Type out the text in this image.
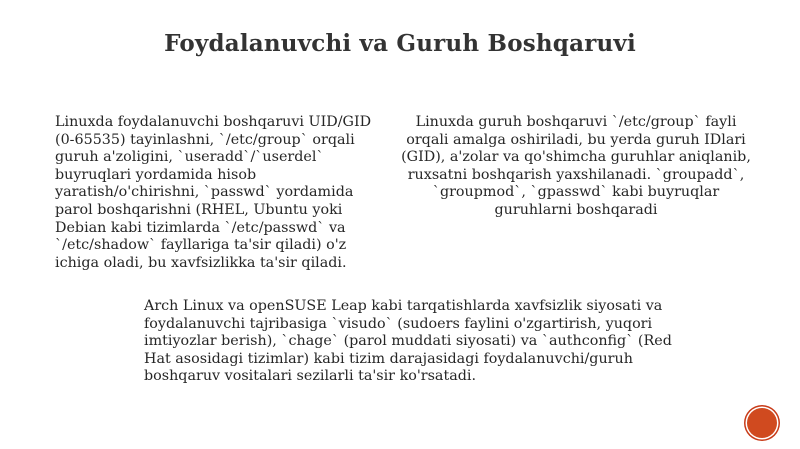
Foydalanuvchi va Guruh Boshqaruvi
Linuxda foydalanuvchi boshqaruvi UID/GID
(0-65535) tayinlashni, `/etc/group` orqali
guruh a'zoligini, `useradd`/`userdel`
buyruqlari yordamida hisob
yaratish/o'chirishni, `passwd` yordamida
parol boshqarishni (RHEL, Ubuntu yoki
Debian kabi tizimlarda `/etc/passwd` va
`/etc/shadow` fayllariga ta'sir qiladi) o'z
ichiga oladi, bu xavfsizlikka ta'sir qiladi.
Linuxda guruh boshqaruvi `/etc/group` fayli
orqali amalga oshiriladi, bu yerda guruh IDlari
(GID), a'zolar va qo'shimcha guruhlar aniqlanib,
ruxsatni boshqarish yaxshilanadi. `groupadd`,
`groupmod`, `gpasswd` kabi buyruqlar
guruhlarni boshqaradi
Arch Linux va openSUSE Leap kabi tarqatishlarda xavfsizlik siyosati va
foydalanuvchi tajribasiga `visudo` (sudoers faylini o'zgartirish, yuqori
imtiyozlar berish), `chage` (parol muddati siyosati) va `authconfig` (Red
Hat asosidagi tizimlar) kabi tizim darajasidagi foydalanuvchi/guruh
boshqaruv vositalari sezilarli ta'sir ko'rsatadi.
